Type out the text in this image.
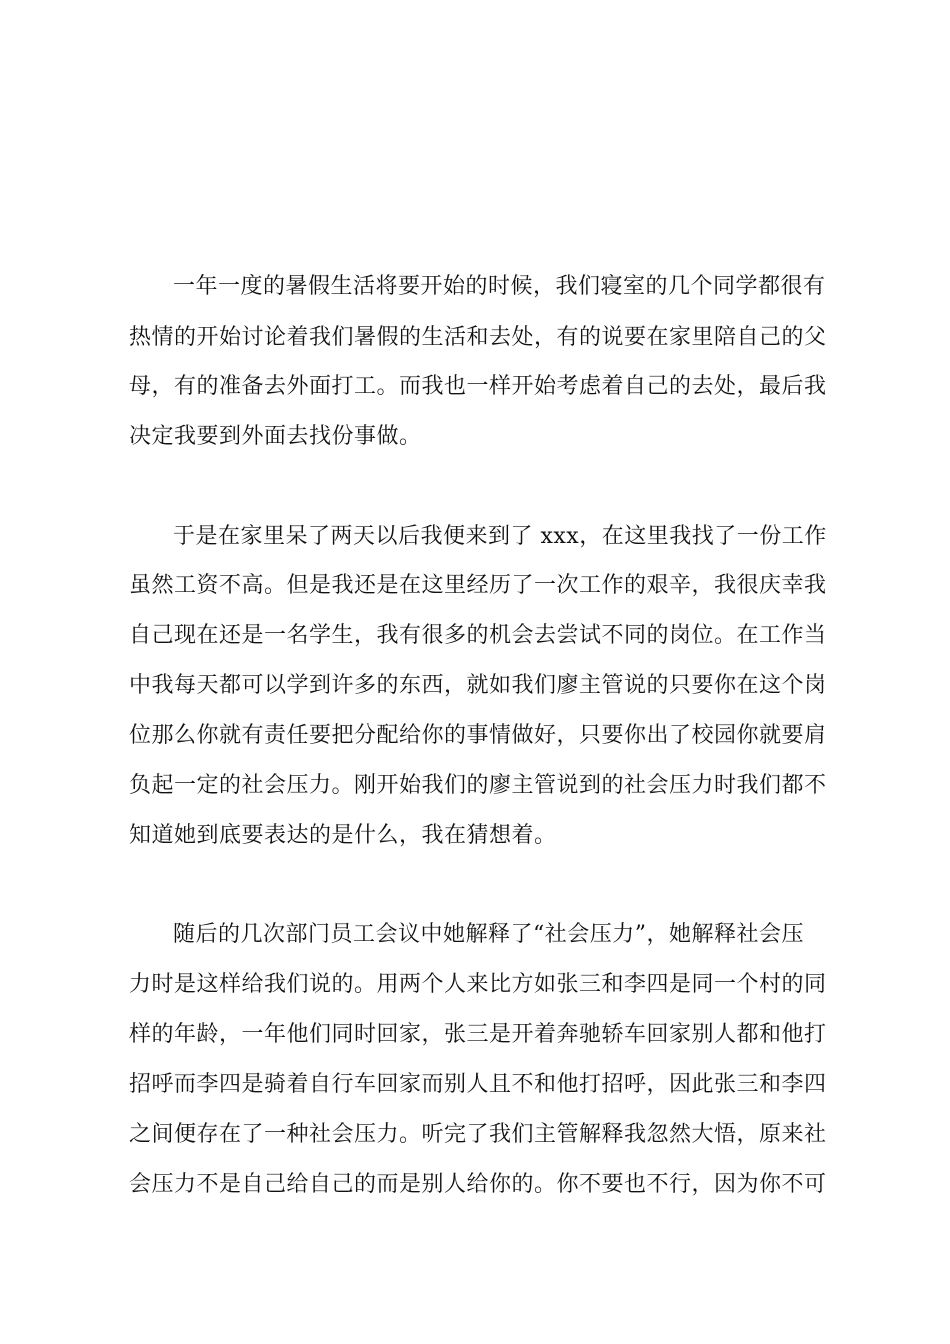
一年一度的暑假生活将要开始的时候，我们寝室的几个同学都很有
热情的开始讨论着我们暑假的生活和去处，有的说要在家里陪自己的父
母，有的准备去外面打工。而我也一样开始考虑着自己的去处，最后我
决定我要到外面去找份事做。
于是在家里呆了两天以后我便来到了 xxx，在这里我找了一份工作
虽然工资不高。但是我还是在这里经历了一次工作的艰辛，我很庆幸我
自己现在还是一名学生，我有很多的机会去尝试不同的岗位。在工作当
中我每天都可以学到许多的东西，就如我们廖主管说的只要你在这个岗
位那么你就有责任要把分配给你的事情做好，只要你出了校园你就要肩
负起一定的社会压力。刚开始我们的廖主管说到的社会压力时我们都不
知道她到底要表达的是什么，我在猜想着。
随后的几次部门员工会议中她解释了“社会压力”，她解释社会压
力时是这样给我们说的。用两个人来比方如张三和李四是同一个村的同
样的年龄，一年他们同时回家，张三是开着奔驰轿车回家别人都和他打
招呼而李四是骑着自行车回家而别人且不和他打招呼，因此张三和李四
之间便存在了一种社会压力。听完了我们主管解释我忽然大悟，原来社
会压力不是自己给自己的而是别人给你的。你不要也不行，因为你不可
